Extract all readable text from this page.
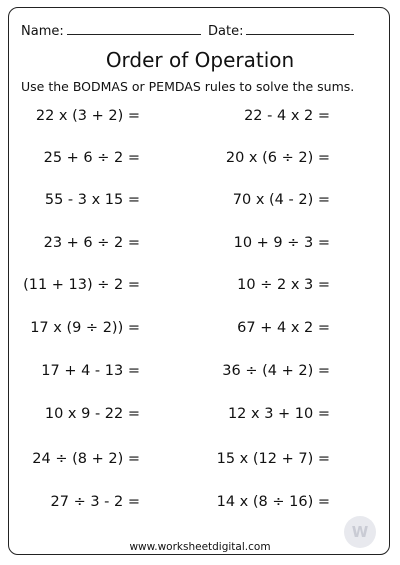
Name:	Date:
Order of Operation
Use the BODMAS or PEMDAS rules to solve the sums.
22 x (3 + 2) =
25 + 6 ÷ 2 =
55 - 3 x 15 =
23 + 6 ÷ 2 =
(11 + 13) ÷ 2 =
17 x (9 ÷ 2)) =
17 + 4 - 13 =
10 x 9 - 22 =
24 ÷ (8 + 2) =
27 ÷ 3 - 2 =
22 - 4 x 2 =
20 x (6 ÷ 2) =
70 x (4 - 2) =
10 + 9 ÷ 3 =
10 ÷ 2 x 3 =
67 + 4 x 2 =
36 ÷ (4 + 2) =
12 x 3 + 10 =
15 x (12 + 7) =
14 x (8 ÷ 16) =
W
www.worksheetdigital.com
